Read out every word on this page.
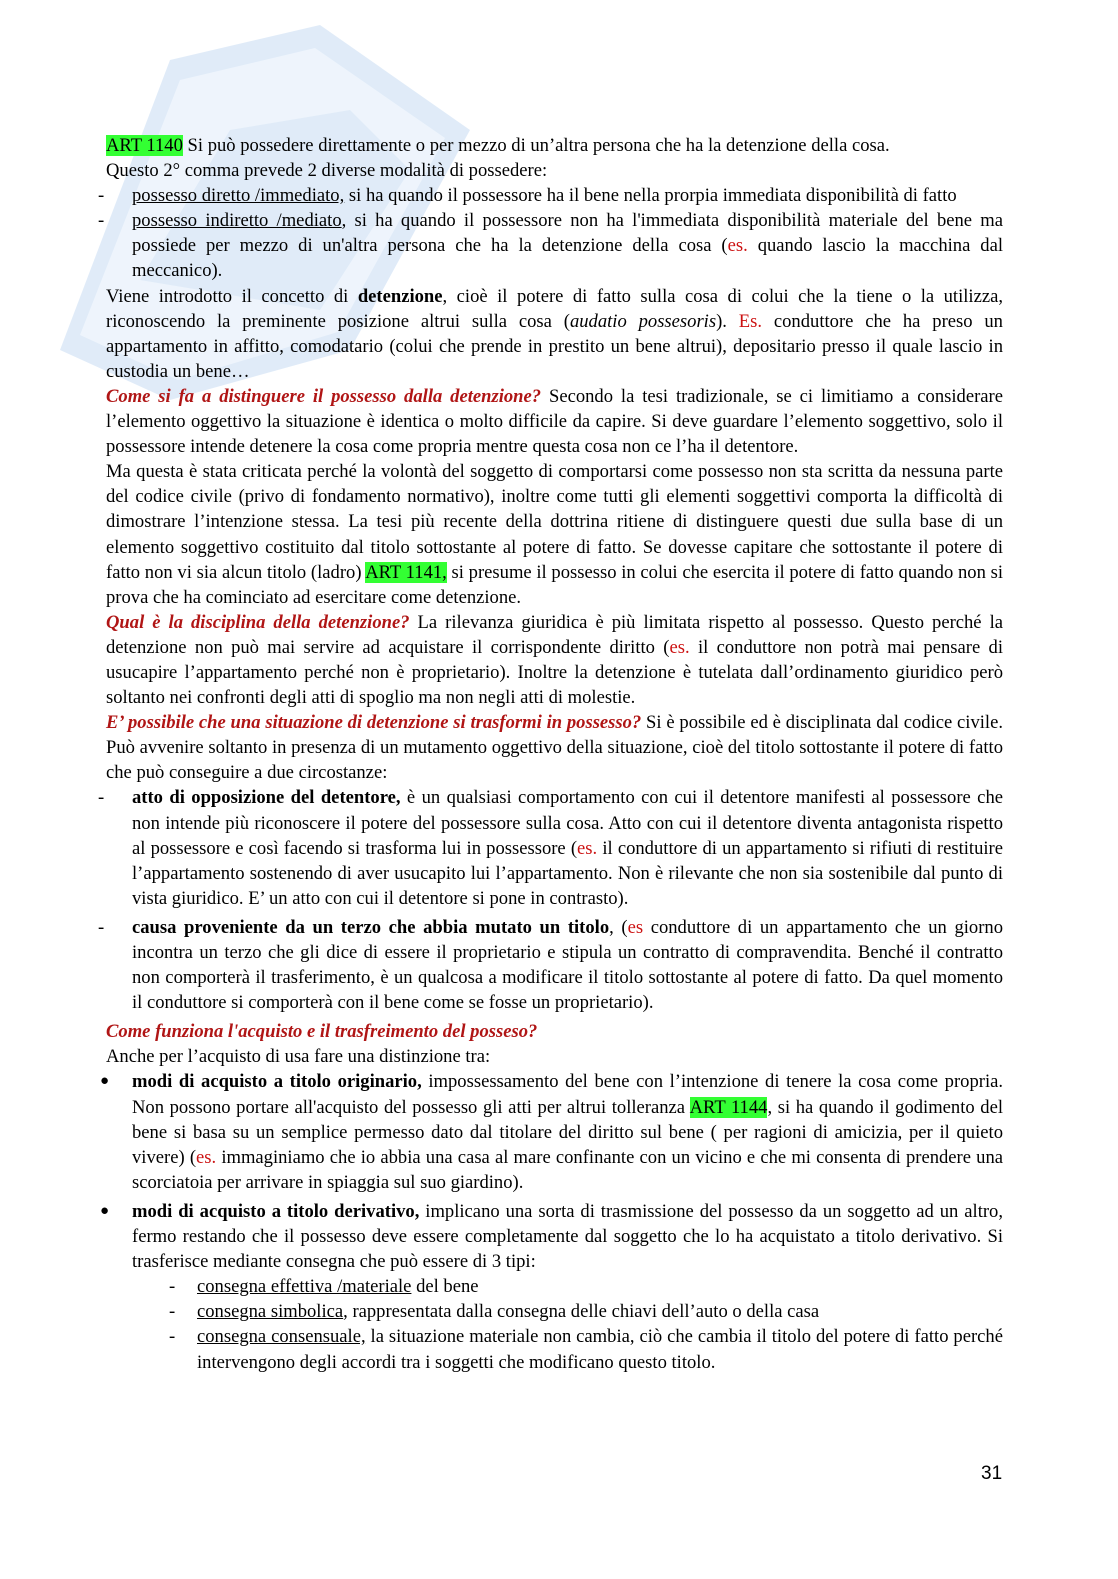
ART 1140 Si può possedere direttamente o per mezzo di un’altra persona che ha la detenzione della cosa.

Questo 2° comma prevede 2 diverse modalità di possedere:

- possesso diretto /immediato, si ha quando il possessore ha il bene nella prorpia immediata disponibilità di fatto
- possesso indiretto /mediato, si ha quando il possessore non ha l'immediata disponibilità materiale del bene ma possiede per mezzo di un'altra persona che ha la detenzione della cosa (es. quando lascio la macchina dal meccanico).

Viene introdotto il concetto di detenzione, cioè il potere di fatto sulla cosa di colui che la tiene o la utilizza, riconoscendo la preminente posizione altrui sulla cosa (audatio possesoris). Es. conduttore che ha preso un appartamento in affitto, comodatario (colui che prende in prestito un bene altrui), depositario presso il quale lascio in custodia un bene…

Come si fa a distinguere il possesso dalla detenzione? Secondo la tesi tradizionale, se ci limitiamo a considerare l’elemento oggettivo la situazione è identica o molto difficile da capire. Si deve guardare l’elemento soggettivo, solo il possessore intende detenere la cosa come propria mentre questa cosa non ce l’ha il detentore.

Ma questa è stata criticata perché la volontà del soggetto di comportarsi come possesso non sta scritta da nessuna parte del codice civile (privo di fondamento normativo), inoltre come tutti gli elementi soggettivi comporta la difficoltà di dimostrare l’intenzione stessa. La tesi più recente della dottrina ritiene di distinguere questi due sulla base di un elemento soggettivo costituito dal titolo sottostante al potere di fatto. Se dovesse capitare che sottostante il potere di fatto non vi sia alcun titolo (ladro) ART 1141, si presume il possesso in colui che esercita il potere di fatto quando non si prova che ha cominciato ad esercitare come detenzione.

Qual è la disciplina della detenzione? La rilevanza giuridica è più limitata rispetto al possesso. Questo perché la detenzione non può mai servire ad acquistare il corrispondente diritto (es. il conduttore non potrà mai pensare di usucapire l’appartamento perché non è proprietario). Inoltre la detenzione è tutelata dall’ordinamento giuridico però soltanto nei confronti degli atti di spoglio ma non negli atti di molestie.

E’ possibile che una situazione di detenzione si trasformi in possesso? Si è possibile ed è disciplinata dal codice civile. Può avvenire soltanto in presenza di un mutamento oggettivo della situazione, cioè del titolo sottostante il potere di fatto che può conseguire a due circostanze:

- atto di opposizione del detentore, è un qualsiasi comportamento con cui il detentore manifesti al possessore che non intende più riconoscere il potere del possessore sulla cosa. Atto con cui il detentore diventa antagonista rispetto al possessore e così facendo si trasforma lui in possessore (es. il conduttore di un appartamento si rifiuti di restituire l’appartamento sostenendo di aver usucapito lui l’appartamento. Non è rilevante che non sia sostenibile dal punto di vista giuridico. E’ un atto con cui il detentore si pone in contrasto).
- causa proveniente da un terzo che abbia mutato un titolo, (es conduttore di un appartamento che un giorno incontra un terzo che gli dice di essere il proprietario e stipula un contratto di compravendita. Benché il contratto non comporterà il trasferimento, è un qualcosa a modificare il titolo sottostante al potere di fatto. Da quel momento il conduttore si comporterà con il bene come se fosse un proprietario).

Come funziona l'acquisto e il trasfreimento del posseso?

Anche per l’acquisto di usa fare una distinzione tra:

● modi di acquisto a titolo originario, impossessamento del bene con l’intenzione di tenere la cosa come propria. Non possono portare all'acquisto del possesso gli atti per altrui tolleranza ART 1144, si ha quando il godimento del bene si basa su un semplice permesso dato dal titolare del diritto sul bene ( per ragioni di amicizia, per il quieto vivere) (es. immaginiamo che io abbia una casa al mare confinante con un vicino e che mi consenta di prendere una scorciatoia per arrivare in spiaggia sul suo giardino).
● modi di acquisto a titolo derivativo, implicano una sorta di trasmissione del possesso da un soggetto ad un altro, fermo restando che il possesso deve essere completamente dal soggetto che lo ha acquistato a titolo derivativo. Si trasferisce mediante consegna che può essere di 3 tipi:
- consegna effettiva /materiale del bene
- consegna simbolica, rappresentata dalla consegna delle chiavi dell’auto o della casa
- consegna consensuale, la situazione materiale non cambia, ciò che cambia il titolo del potere di fatto perché intervengono degli accordi tra i soggetti che modificano questo titolo.
31
